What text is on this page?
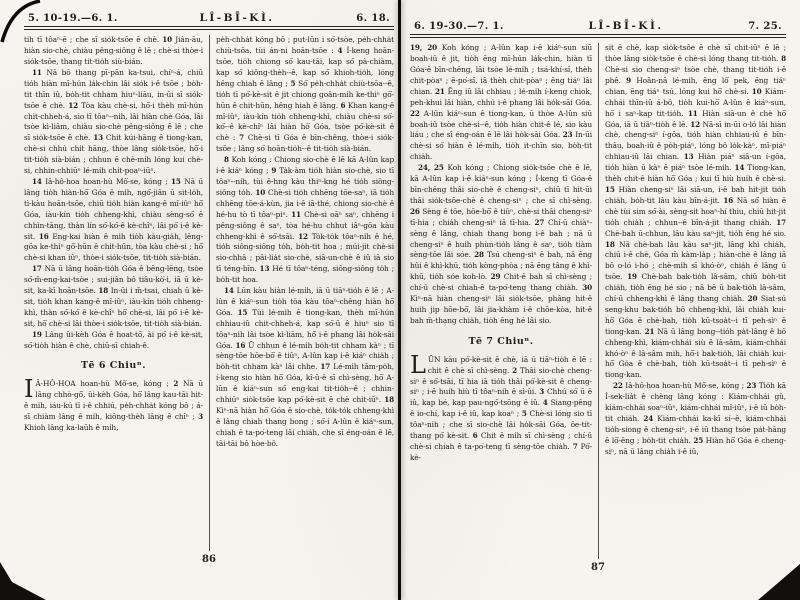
5. 10-19.—6. 1.	LÎ-BĪ-KÌ.	6. 18.

ti̍h tī tôaⁿ-ē ; che sī sio̍k-tsōe ê chè. 10 Jiân-āu, hiàn sio-chè, chiàu pêng-siông ê lē ; chè-si thòe-i sio̍k-tsōe, thang tit-tio̍h siù-bián.

11 Nā bô thang pī-pān ka-tsui, chíⁿ-á, chiū tio̍h hiàn mī-hún la̍k-chin lâi sio̍k i-ê tsōe ; bo̍h-tit thīn iû, bo̍h-tit chham hiuⁿ-liāu, in-ūi sī sio̍k-tsōe ê chè. 12 Tòa kàu chè-si, hō͘-i thèh mī-hún chi̍t-chheh-á, sio tī tôaⁿ--ni̍h, lâi hiàn chè Góa, lâi tsòe kì-liām, chiàu sio-chè pêng-siông ê lē ; che sī sio̍k-tsōe ê chè. 13 Chit kúi-hāng ê tiong-kan, chè-si chhú chi̍t hāng, thòe lâng sio̍k-tsōe, hō͘-i tit-tio̍h sià-bián ; chhun ê chè-mi̍h lóng kui chè-si, chhin-chhiūⁿ lé-mi̍h chi̍t-poaⁿ-iūⁿ.

14 Iâ-hô-hoa hoan-hù Mô͘-se, kóng ; 15 Nā ū lâng tio̍h hiàn-hō͘ Góa ê mi̍h, ngó͘-jiân ū sit-lo̍h, tì-kàu hoān-tsōe, chiū tio̍h hiàn kang-ê mî-iûⁿ hō͘ Góa, iàu-kín tio̍h chheng-khì, chiàu sèng-só͘ ê chhìn-tāng, thàn lín só͘-kó͘-ê kè-chîⁿ, lâi pó͘ i-ê kè-sit. 16 Eng-kai hiàn ê mi̍h tio̍h kàu-gia̍h, lēng-gōa ke-thiⁿ gō͘-hūn ê chi̍t-hūn, tòa kàu chè-si ; hō͘ chè-si khan iûⁿ, thòe-i sio̍k-tsōe, tit-tio̍h sià-bián.

17 Nā ū lâng hoān-tio̍h Góa ê bēng-lēng, tsòe só͘-m̄-eng-kai-tsòe ; sui-jiân bô tiâu-kò͘-ì, iā ū kè-sit, ka-kī hoān-tsōe. 18 In-ūi i m̄-tsai, chiah ū kè-sit, tio̍h khan kang-ê mî-iûⁿ, iàu-kín tio̍h chheng-khì, thàn só͘-kó͘ ê kè-chîⁿ hō͘ chè-si, lâi pó͘ i-ê kè-sit, hō͘ chè-si lâi thòe-i sio̍k-tsōe, tit-tio̍h sià-bián.

19 Lâng ûi-kèh Góa ê hoat-tō͘, ài pó͘ i-ê kè-sit, só͘-tio̍h hiàn ê chè, chiū-sī chiah-ê.

Tē 6 Chiuⁿ.

IÂ-HÔ-HOA hoan-hù Mô͘-se, kóng ; 2 Nā ū lâng chhò-gō͘, ûi-kèh Góa, hō͘ lâng kau-tāi hit-ê mi̍h, iáu-kú tī i-ê chhiú, pe̍h-chha̍t kóng bô ; á-sī chiàm lâng ê mi̍h, kiông-thèh lâng ê chîⁿ ; 3 Khioh lâng ka-laūh ê mi̍h,

pe̍h-chha̍t kóng bô ; put-lūn i só͘-tsòe, pe̍h-chha̍t chiù-tsōa, tùi án-ni hoān-tsōe : 4 Í-keng hoān-tsōe, tio̍h chiong só͘ kau-tāi, kap só͘ pà-chiàm, kap só͘ kiông-thèh--ê, kap só͘ khioh-tio̍h, lóng hêng chiah ê lâng ; 5 Só͘ pe̍h-chha̍t chiù-tsōa--ê, tio̍h tī pó͘-kè-sit ê jit chiong goân-mi̍h ke-thiⁿ gō͘-hūn ê chit-hūn, hêng hiah ê lâng. 6 Khan kang-ê mî-iûⁿ, iàu-kín tio̍h chheng-khì, chiàu chè-si só͘-kó͘--ê kè-chîⁿ lâi hiàn hō͘ Góa, tsòe pó͘-kè-sit ê chè : 7 Chè-si tī Góa ê bīn-chêng, thòe-i sio̍k-tsōe ; lâng só͘ hoān-tio̍h--ê tit-tio̍h sià-bián.

8 Koh kóng ; Chiong sio-chè ê lē kā A-lûn kap i-ê kiáⁿ kóng ; 9 Ta̍k-àm tio̍h hiàn sio-chè, sio tī tôaⁿ--ni̍h, tùi ê-hng kàu thiⁿ-kng hé tio̍h siông-siông to̍h. 10 Chè-si tio̍h chhēng tōe-saⁿ, iā tio̍h chhēng tōe-á-kùn, jia i-ê iā-thé, chiong sio-chè ê hé-hu tò tī tôaⁿ-piⁿ. 11 Chè-si oāⁿ saⁿ, chhēng i pêng-siông ê saⁿ, tòa hé-hu chhut iâⁿ-gōa kàu chheng-khì ê só͘-tsāi. 12 To̍k-to̍k tôaⁿ-ni̍h ê hé, tio̍h siông-siông to̍h, bo̍h-tit hoa ; múi-jit chè-si sio-chhâ ; pâi-lia̍t sio-chè, siā-un-chè ê iû iā sio tī téng-bīn. 13 Hé tī tôaⁿ-téng, siông-siông to̍h ; bo̍h-tit hoa.

14 Lūn kàu hiàn lé-mi̍h, iā ū tiāⁿ-tio̍h ê lē ; A-lûn ê kiáⁿ-sun tio̍h tòa kàu tôaⁿ-chêng hiàn hō͘ Góa. 15 Tùi lé-mi̍h ê tiong-kan, thèh mī-hún chhiau-iû chit-chheh-á, kap só͘-ū ê hiuⁿ sio tī tôaⁿ-ni̍h lâi tsòe kì-liām, hō͘ i-ê phang lâi ho̍k-sāi Góa. 16 Ū chhun ê lé-mi̍h bo̍h-tit chham kàⁿ ; tī sèng-tōe hōe-bō͘ ê tiûⁿ, A-lûn kap i-ê kiáⁿ chia̍h ; bo̍h-tit chham kàⁿ lâi chhe. 17 Lé-mi̍h tām-po̍h, í-keng sio hiàn hō͘ Góa, kî-û-ê sī chì-sèng, hō͘ A-lûn ê kiáⁿ-sun só͘ eng-kai tit-tio̍h--ê ; chhin-chhiūⁿ sio̍k-tsōe kap pó͘-kè-sit ê chè chit-iūⁿ. 18 Kìⁿ-nā hiàn hō͘ Góa ê sio-chè, to̍k-to̍k chheng-khì ê lâng chiah thang bong ; só͘-í A-lûn ê kiáⁿ-sun, chiah ê ta-po͘-teng lâi chia̍h, che sī éng-oán ê lē, tāi-tāi bô hòe-bô.

86
6. 19-30.—7. 1.	LÎ-BĪ-KÌ.	7. 25.

19, 20 Koh kóng ; A-lûn kap i-ê kiáⁿ-sun siū boah-iû ê jit, tio̍h ēng mī-hún la̍k-chin, hiàn tī Góa-ê bīn-chêng, lâi tsòe lé-mi̍h ; tsá-khí-sî, thèh chit-pòaⁿ ; ē-po͘-sî, iā thèh chit-pòaⁿ ; ēng tiáⁿ lâi chian. 21 Ēng iû lâi chhiau ; lé-mi̍h í-keng chiok, peh-khui lâi hiàn, chhú i-ê phang lâi ho̍k-sāi Góa. 22 A-lûn kiáⁿ-sun ê tiong-kan, ū thòe A-lûn siū boah-iû tsòe chè-si--ê, tio̍h hiàn chit-ê lé, sio kàu liáu ; che sī éng-oán ê lē lâi ho̍k-sāi Góa. 23 In-ūi chè-si só͘ hiàn ê lé-mi̍h, tio̍h it-chīn sio, bo̍h-tit chia̍h.

24, 25 Koh kóng ; Chiong sio̍k-tsōe chè ê lē, kā A-lûn kap i-ê kiáⁿ-sun kóng ; Í-keng tī Góa-ê bīn-chêng thâi sio-chè ê cheng-siⁿ, chiū tī hit-ūi thâi sio̍k-tsōe-chè ê cheng-siⁿ ; che sī chì-sèng. 26 Sèng ê tōe, hōe-bō͘ ê tiûⁿ, chè-si thâi cheng-siⁿ tī-hia ; chia̍h cheng-siⁿ iā tī-hia. 27 Chí-ū chiàⁿ-sèng ê lâng, chiah thang bong i-ê bah ; nā ū cheng-siⁿ ê huih phùn-tio̍h lâng ê saⁿ, tio̍h tiàm sèng-tōe lâi sóe. 28 Tsú cheng-siⁿ ê bah, nā ēng hûi ê khì-khū, tio̍h kòng-phòa ; nā ēng tâng ê khì-khū, tio̍h sóe koh-lò. 29 Chit-ê bah sī chì-sèng ; chí-ū chè-si chiah-ê ta-po͘-teng thang chia̍h. 30 Kìⁿ-nā hiàn cheng-siⁿ lâi sio̍k-tsōe, phâng hit-ê huih jip hōe-bō͘, lâi jia-khàm i-ê chōe-kòa, hit-ê bah m̄-thang chia̍h, tio̍h ēng hé lâi sio.

Tē 7 Chiuⁿ.

LŪN kàu pó͘-kè-sit ê chè, iā ū tiāⁿ-tio̍h ê lē : chit ê chè sī chì-sèng. 2 Thâi sio-chè cheng-siⁿ ê só͘-tsāi, tī hia iā tio̍h thâi pó͘-kè-sit ê cheng-siⁿ ; i-ê huih hiù tī tôaⁿ-ni̍h ê sì-ûi. 3 Chhú só͘ ū ê iû, kap bé, kap pau-ngó͘-tsōng ê iû. 4 Siang-pêng ê io-chí, kap i-ê iû, kap koaⁿ ; 5 Chè-si lóng sio tī tôaⁿ-ni̍h ; che sī sio-chè lâi ho̍k-sāi Góa, ōe-tit-thang pó͘ kè-sit. 6 Chit ê mi̍h sī chì-sèng ; chí-ū chè-si chiah ê ta-po͘-teng tī sèng-tōe chia̍h. 7 Pó͘-kè-

sit ê chè, kap sio̍k-tsōe ê chè sī chit-iūⁿ ê lē ; thòe lâng sio̍k-tsōe ê chè-si lóng thang tit-tio̍h. 8 Chè-si sio cheng-siⁿ tsòe chè, thang tit-tio̍h i-ê phê. 9 Hoān-nā lé-mi̍h, ēng lô͘ pek, ēng tiáⁿ chian, ēng tiáⁿ tsú, lóng kui hō͘ chè-si. 10 Kiám-chhái thīn-iû á-bô, tio̍h kui-hō͘ A-lûn ê kiáⁿ-sun, hō͘ i saⁿ-kap tit-tio̍h. 11 Hiàn siā-un ê chè hō͘ Góa, iā ū tiāⁿ-tio̍h ê lē. 12 Nā-sī in-ūi o-ló lâi hiàn chè, cheng-siⁿ í-gōa, tio̍h hiàn chhiau-iû ê bīn-thâu, boah-iû ê po̍h-piáⁿ, lóng bô lo̍k-kàⁿ, mī-piáⁿ chhiau-iû lâi chian. 13 Hiàn piáⁿ siā-un í-gōa, tio̍h hiàn ū kàⁿ ê piáⁿ tsòe lé-mi̍h. 14 Tiong-kan, thèh chit-ê hiàn hō͘ Góa ; kui tī hiù huih ê chè-si. 15 Hiàn cheng-siⁿ lâi siā-un, i-ê bah hit-jit tio̍h chia̍h, bo̍h-tit lâu kàu bîn-á-jit. 16 Nā só͘ hiàn ê chè tùi sim só͘-ài, sèng-sit hoaⁿ-hí thiu, chiū hit-jit tio̍h chia̍h ; chhun--ê bîn-á-jit thang chia̍h. 17 Chè-bah ū-chhun, lâu kàu saⁿ-jit, tio̍h ēng hé sio. 18 Nā chè-bah lâu kàu saⁿ-jit, lâng khì chia̍h, chiū i-ê chè, Góa m̄ kàm-la̍p ; hiàn-chè ê lâng iā bô o-ló i-hó ; chè-mi̍h sī khó-òⁿ, chia̍h ê lâng ū tsōe. 19 Chè-bah bak-tio̍h lâ-sâm, chiū bo̍h-tit chia̍h, tio̍h ēng hé sio ; nā bē ū bak-tio̍h lâ-sâm, chí-ū chheng-khì ê lâng thang chia̍h. 20 Siat-sú seng-khu bak-tio̍h bô chheng-khì, lâi chia̍h kui-hō͘ Góa ê chè-bah, tio̍h kū-tsoa̍t--i tī peh-sìⁿ ê tiong-kan. 21 Nā ū lâng bong--tio̍h pa̍t-lâng ê bô chheng-khì, kiám-chhái siù ê lâ-sâm, kiám-chhái khó-òⁿ ê lâ-sâm mih, hō͘-i bak-tio̍h, lâi chia̍h kui-hō͘ Góa ê chè-bah, tio̍h kū-tsoa̍t--i tī peh-sìⁿ ê tiong-kan.

22 Iâ-hô-hoa hoan-hù Mô͘-se, kóng ; 23 Tio̍h kā Í-sek-lia̍t ê chèng lâng kóng : Kiám-chhái gû, kiám-chhái soaⁿ-iûⁿ, kiám-chhái mî-iûⁿ, i-ê iû bo̍h-tit chia̍h. 24 Kiám-chhái ka-kī sí--ê, kiám-chhái tio̍h-siong ê cheng-siⁿ, i-ê iû thang tsòe pa̍t-hāng ê lō͘-ēng ; bo̍h-tit chia̍h. 25 Hiàn hō͘ Góa ê cheng-siⁿ, nā ū lâng chia̍h i-ê iû,

87
